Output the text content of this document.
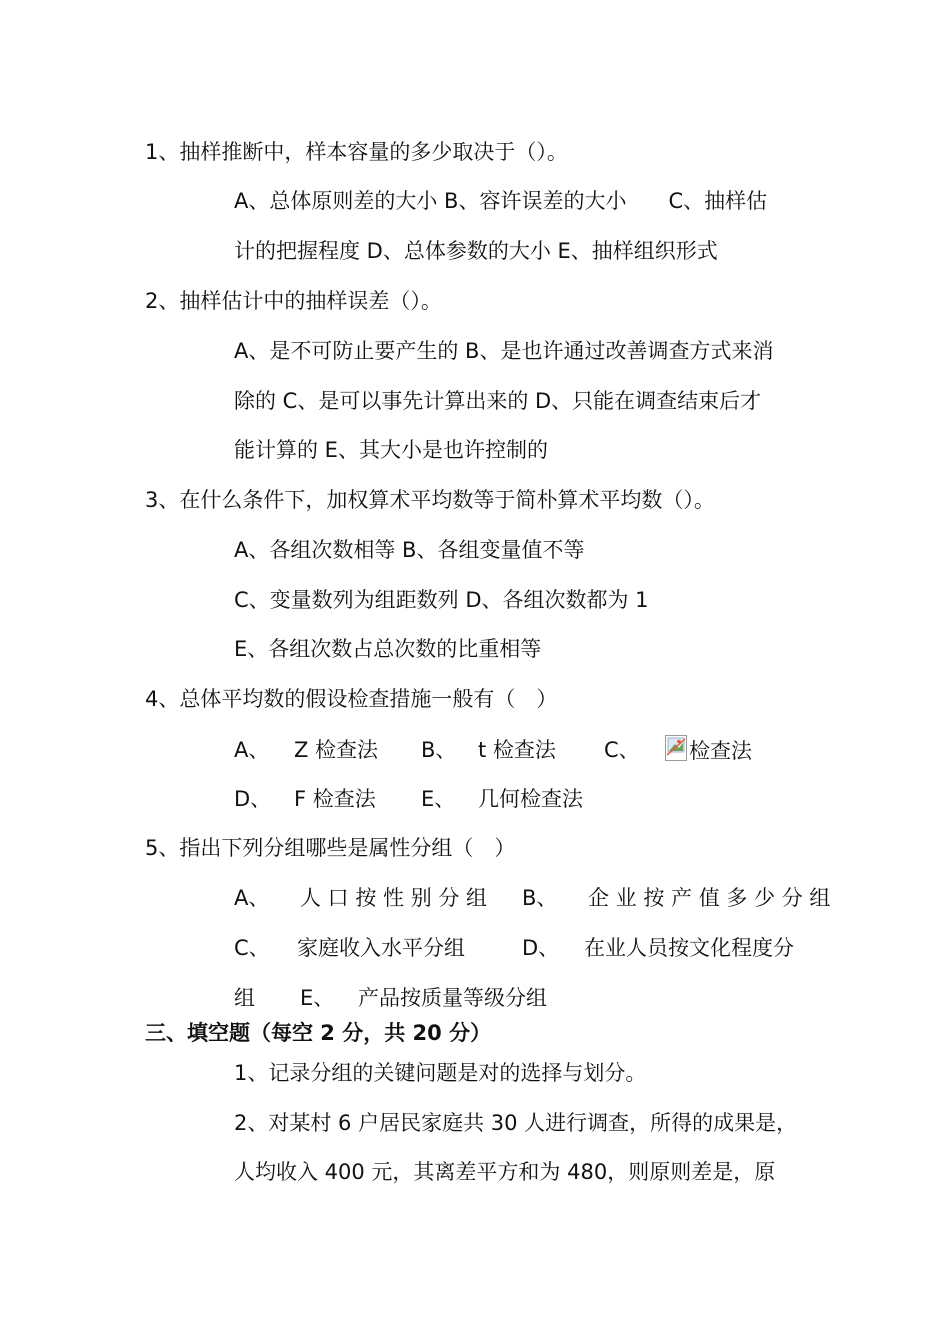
1、抽样推断中，样本容量的多少取决于（）。
A、总体原则差的大小 B、容许误差的大小　　C、抽样估
计的把握程度 D、总体参数的大小 E、抽样组织形式
2、抽样估计中的抽样误差（）。
A、是不可防止要产生的 B、是也许通过改善调查方式来消
除的 C、是可以事先计算出来的 D、只能在调查结束后才
能计算的 E、其大小是也许控制的
3、在什么条件下，加权算术平均数等于简朴算术平均数（）。
A、各组次数相等 B、各组变量值不等
C、变量数列为组距数列 D、各组次数都为 1
E、各组次数占总次数的比重相等
4、总体平均数的假设检查措施一般有（　）
A、 Z 检查法 B、 t 检查法 C、	检查法
D、 F 检查法 E、 几何检查法
5、指出下列分组哪些是属性分组（　）
A、 人 口 按 性 别 分 组 B、 企 业 按 产 值 多 少 分 组
C、 家庭收入水平分组	D、 在业人员按文化程度分
组 E、 产品按质量等级分组
三、填空题（每空 2 分，共 20 分）
1、记录分组的关键问题是对的选择与划分。
2、对某村 6 户居民家庭共 30 人进行调查，所得的成果是，
人均收入 400 元，其离差平方和为 480，则原则差是，原
